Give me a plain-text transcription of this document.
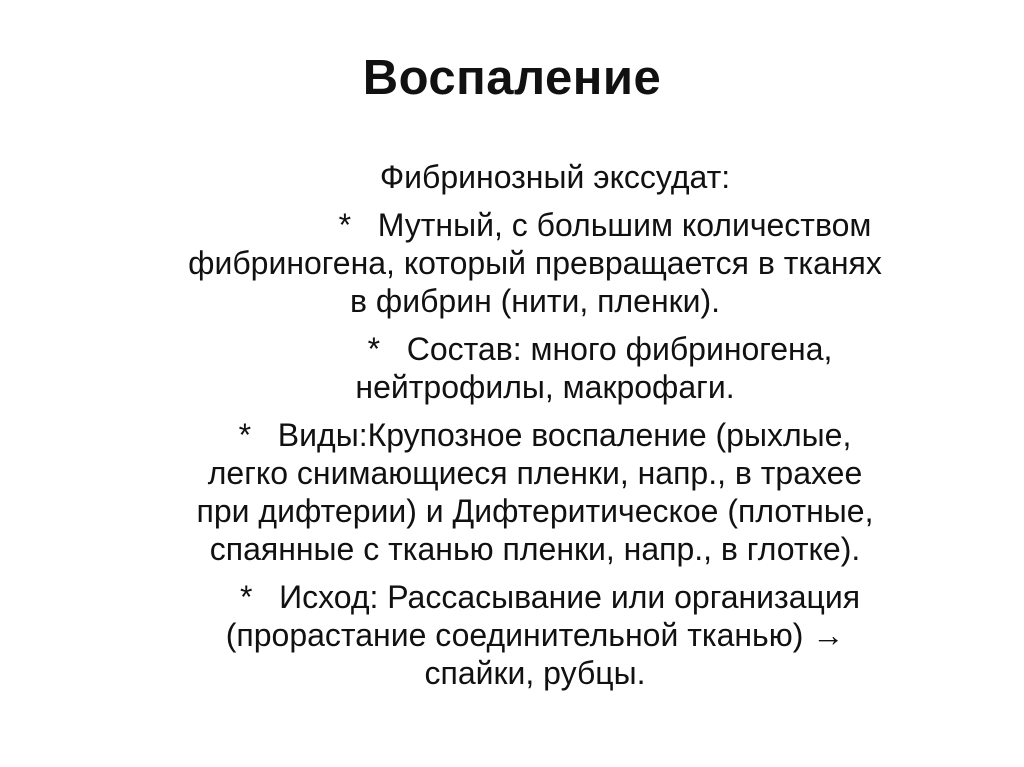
Воспаление
Фибринозный экссудат:
* Мутный, с большим количеством
фибриногена, который превращается в тканях
в фибрин (нити, пленки).
* Состав: много фибриногена,
нейтрофилы, макрофаги.
* Виды:Крупозное воспаление (рыхлые,
легко снимающиеся пленки, напр., в трахее
при дифтерии) и Дифтеритическое (плотные,
спаянные с тканью пленки, напр., в глотке).
* Исход: Рассасывание или организация
(прорастание соединительной тканью) →
спайки, рубцы.
